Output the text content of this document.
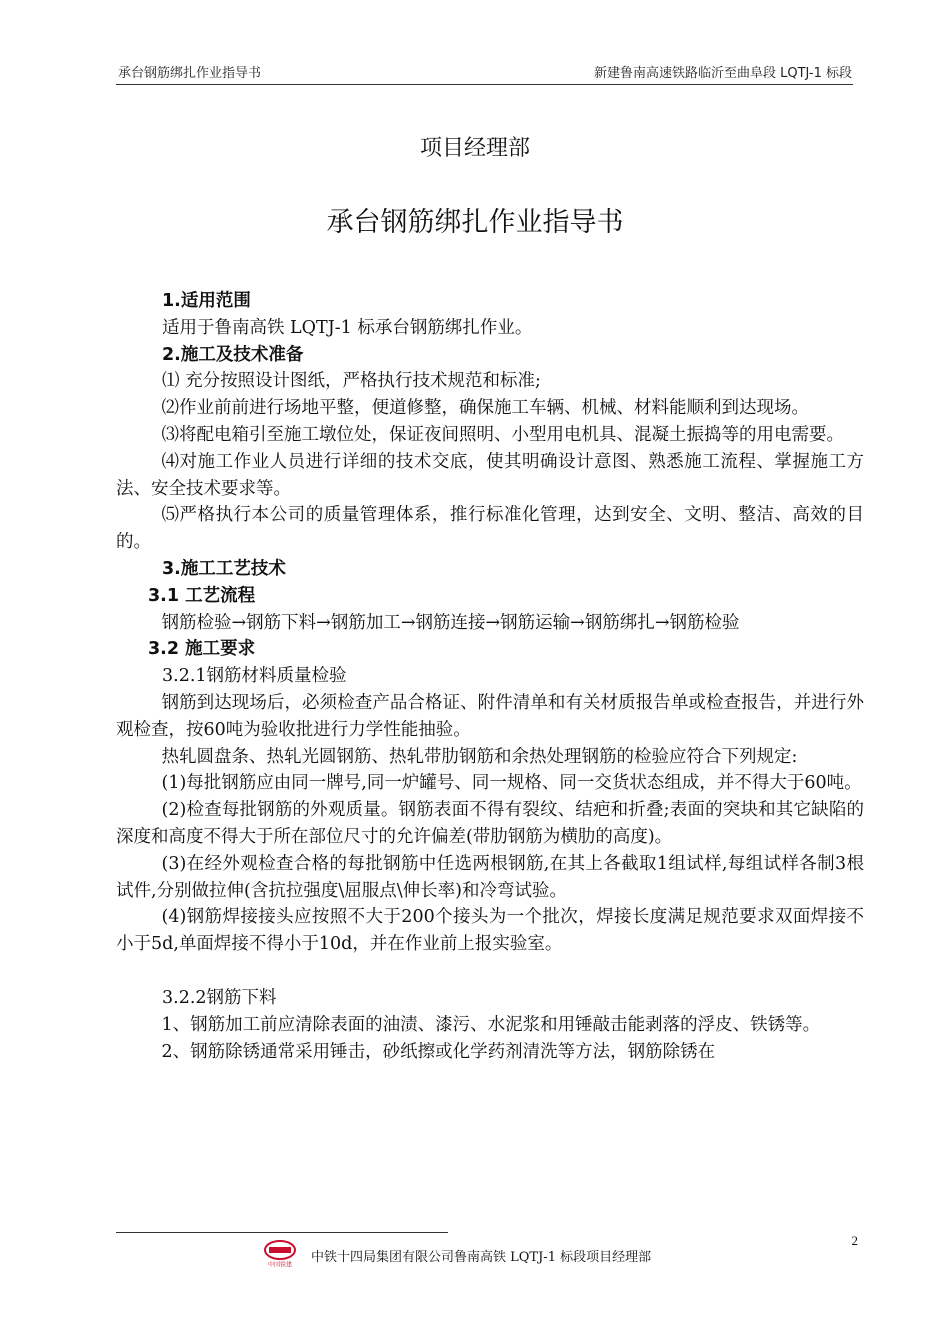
承台钢筋绑扎作业指导书	新建鲁南高速铁路临沂至曲阜段 LQTJ-1 标段
项目经理部
承台钢筋绑扎作业指导书

1.适用范围

适用于鲁南高铁 LQTJ-1 标承台钢筋绑扎作业。

2.施工及技术准备

⑴ 充分按照设计图纸，严格执行技术规范和标准;

⑵作业前前进行场地平整，便道修整，确保施工车辆、机械、材料能顺利到达现场。

⑶将配电箱引至施工墩位处，保证夜间照明、小型用电机具、混凝土振捣等的用电需要。

⑷对施工作业人员进行详细的技术交底，使其明确设计意图、熟悉施工流程、掌握施工方法、安全技术要求等。

⑸严格执行本公司的质量管理体系，推行标准化管理，达到安全、文明、整洁、高效的目的。

3.施工工艺技术

3.1 工艺流程

钢筋检验→钢筋下料→钢筋加工→钢筋连接→钢筋运输→钢筋绑扎→钢筋检验

3.2 施工要求

3.2.1钢筋材料质量检验

钢筋到达现场后，必须检查产品合格证、附件清单和有关材质报告单或检查报告，并进行外观检查，按60吨为验收批进行力学性能抽验。

热轧圆盘条、热轧光圆钢筋、热轧带肋钢筋和余热处理钢筋的检验应符合下列规定:

(1)每批钢筋应由同一牌号,同一炉罐号、同一规格、同一交货状态组成，并不得大于60吨。

(2)检查每批钢筋的外观质量。钢筋表面不得有裂纹、结疤和折叠;表面的突块和其它缺陷的深度和高度不得大于所在部位尺寸的允许偏差(带肋钢筋为横肋的高度)。

(3)在经外观检查合格的每批钢筋中任选两根钢筋,在其上各截取1组试样,每组试样各制3根试件,分别做拉伸(含抗拉强度\屈服点\伸长率)和冷弯试验。

(4)钢筋焊接接头应按照不大于200个接头为一个批次，焊接长度满足规范要求双面焊接不小于5d,单面焊接不得小于10d，并在作业前上报实验室。

3.2.2钢筋下料

1、钢筋加工前应清除表面的油渍、漆污、水泥浆和用锤敲击能剥落的浮皮、铁锈等。

2、钢筋除锈通常采用锤击，砂纸擦或化学药剂清洗等方法，钢筋除锈在

2
中国铁建 中铁十四局集团有限公司鲁南高铁 LQTJ-1 标段项目经理部
